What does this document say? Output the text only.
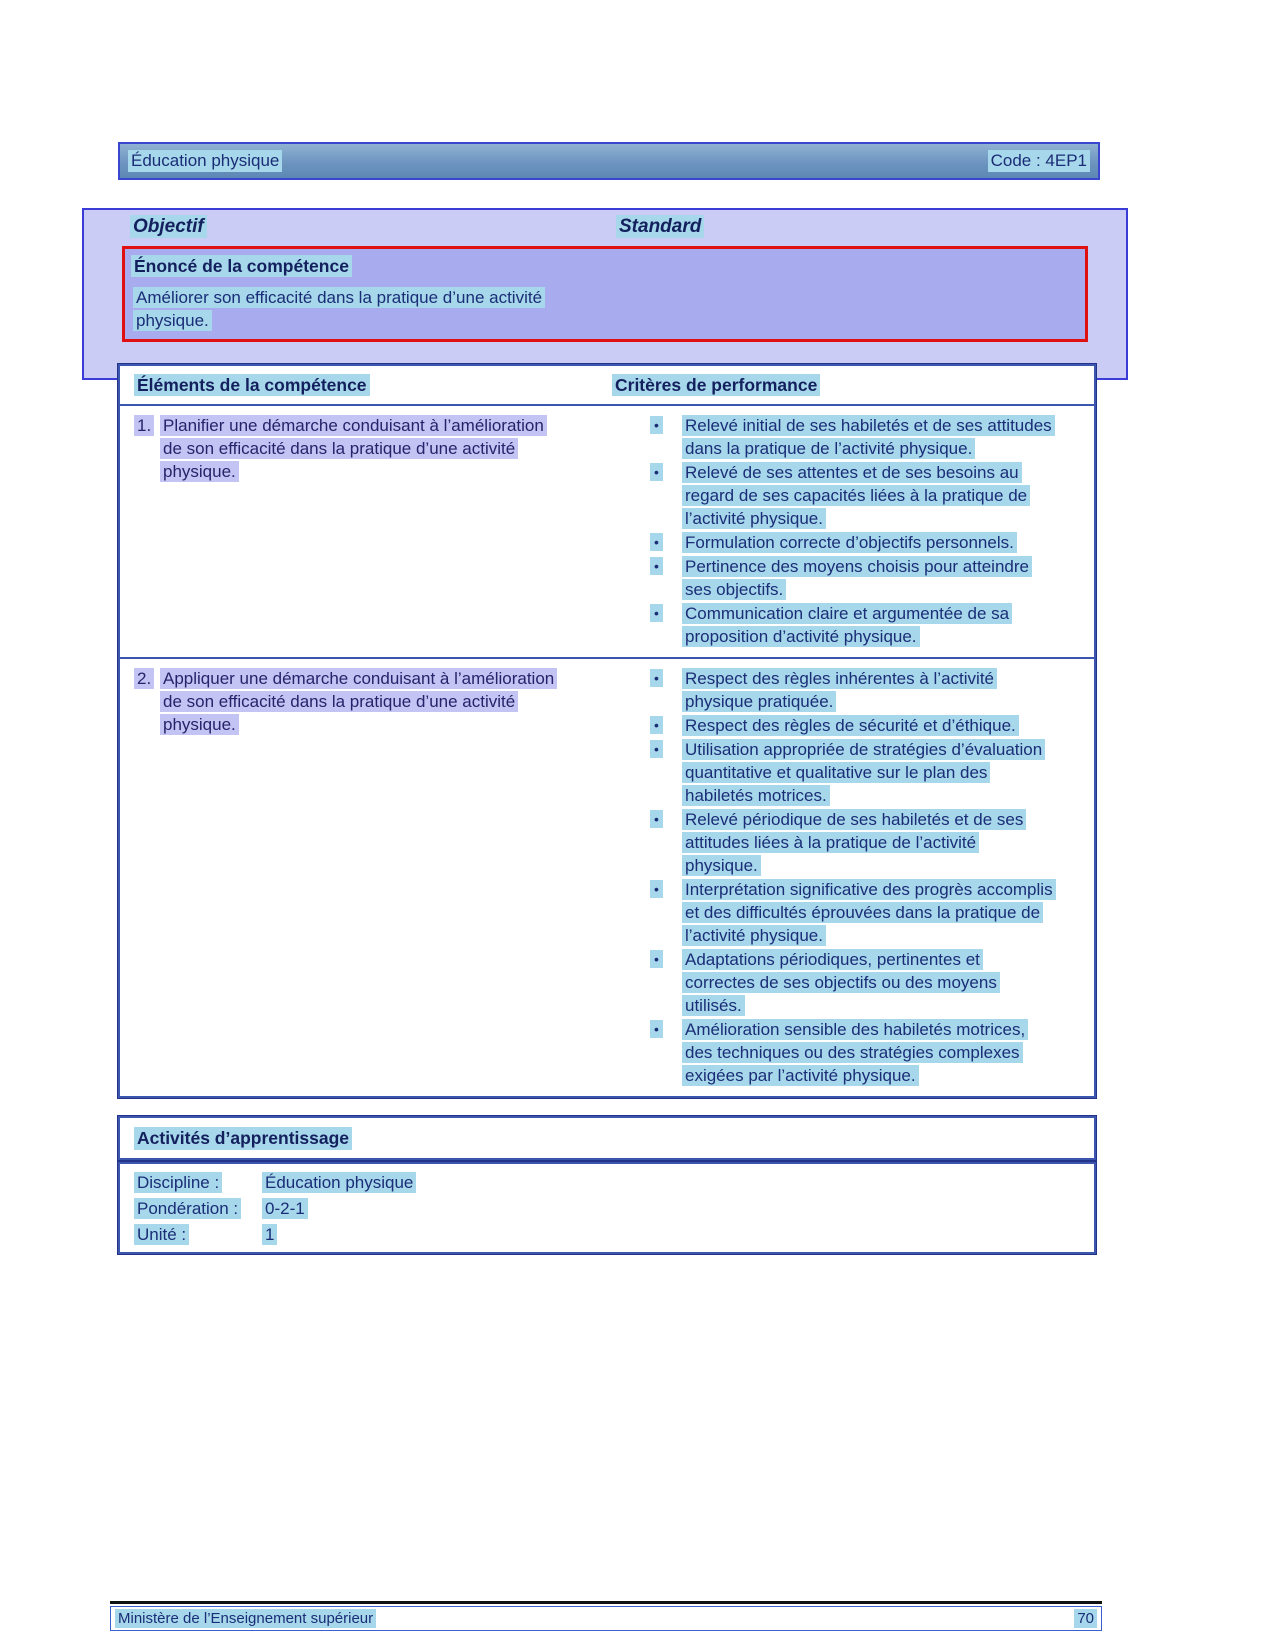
Éducation physique	Code : 4EP1
Objectif	Standard
Énoncé de la compétence
Améliorer son efficacité dans la pratique d’une activité physique.
Éléments de la compétence	Critères de performance
1. Planifier une démarche conduisant à l’amélioration de son efficacité dans la pratique d’une activité physique.
•	Relevé initial de ses habiletés et de ses attitudes dans la pratique de l’activité physique.
•	Relevé de ses attentes et de ses besoins au regard de ses capacités liées à la pratique de l’activité physique.
•	Formulation correcte d’objectifs personnels.
•	Pertinence des moyens choisis pour atteindre ses objectifs.
•	Communication claire et argumentée de sa proposition d’activité physique.
2. Appliquer une démarche conduisant à l’amélioration de son efficacité dans la pratique d’une activité physique.
•	Respect des règles inhérentes à l’activité physique pratiquée.
•	Respect des règles de sécurité et d’éthique.
•	Utilisation appropriée de stratégies d’évaluation quantitative et qualitative sur le plan des habiletés motrices.
•	Relevé périodique de ses habiletés et de ses attitudes liées à la pratique de l’activité physique.
•	Interprétation significative des progrès accomplis et des difficultés éprouvées dans la pratique de l’activité physique.
•	Adaptations périodiques, pertinentes et correctes de ses objectifs ou des moyens utilisés.
•	Amélioration sensible des habiletés motrices, des techniques ou des stratégies complexes exigées par l’activité physique.
Activités d’apprentissage
Discipline :	Éducation physique
Pondération :	0-2-1
Unité :	1
Ministère de l’Enseignement supérieur	70
